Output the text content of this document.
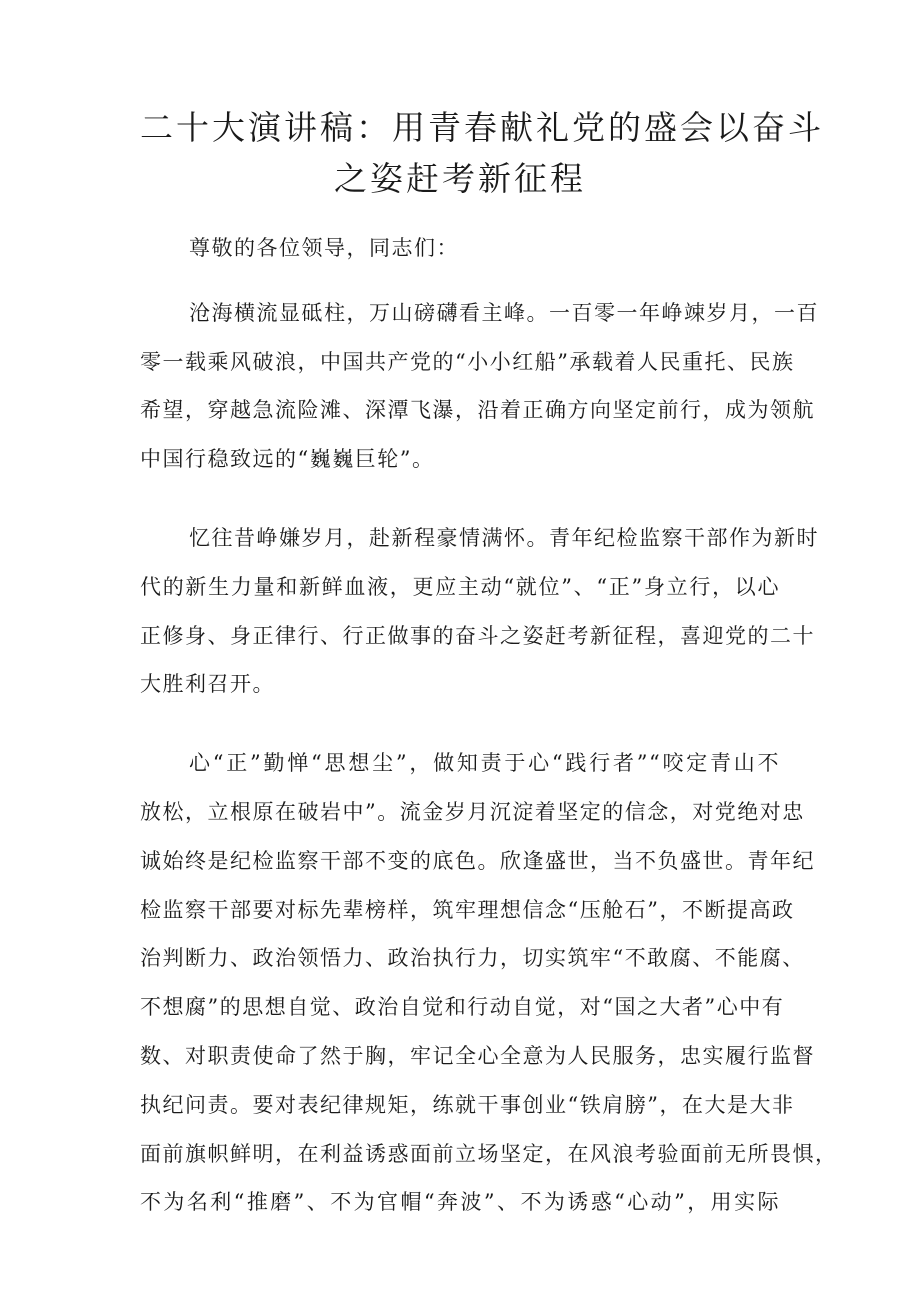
二十大演讲稿：用青春献礼党的盛会以奋斗
之姿赶考新征程

尊敬的各位领导，同志们：

沧海横流显砥柱，万山磅礴看主峰。一百零一年峥竦岁月，一百
零一载乘风破浪，中国共产党的“小小红船”承载着人民重托、民族
希望，穿越急流险滩、深潭飞瀑，沿着正确方向坚定前行，成为领航
中国行稳致远的“巍巍巨轮”。

忆往昔峥嫌岁月，赴新程豪情满怀。青年纪检监察干部作为新时
代的新生力量和新鲜血液，更应主动“就位”、“正”身立行，以心
正修身、身正律行、行正做事的奋斗之姿赶考新征程，喜迎党的二十
大胜利召开。

心“正”勤惮“思想尘”，做知责于心“践行者”“咬定青山不
放松，立根原在破岩中”。流金岁月沉淀着坚定的信念，对党绝对忠
诚始终是纪检监察干部不变的底色。欣逢盛世，当不负盛世。青年纪
检监察干部要对标先辈榜样，筑牢理想信念“压舱石”，不断提高政
治判断力、政治领悟力、政治执行力，切实筑牢“不敢腐、不能腐、
不想腐”的思想自觉、政治自觉和行动自觉，对“国之大者”心中有
数、对职责使命了然于胸，牢记全心全意为人民服务，忠实履行监督
执纪问责。要对表纪律规矩，练就干事创业“铁肩膀”，在大是大非
面前旗帜鲜明，在利益诱惑面前立场坚定，在风浪考验面前无所畏惧，
不为名利“推磨”、不为官帽“奔波”、不为诱惑“心动”，用实际
